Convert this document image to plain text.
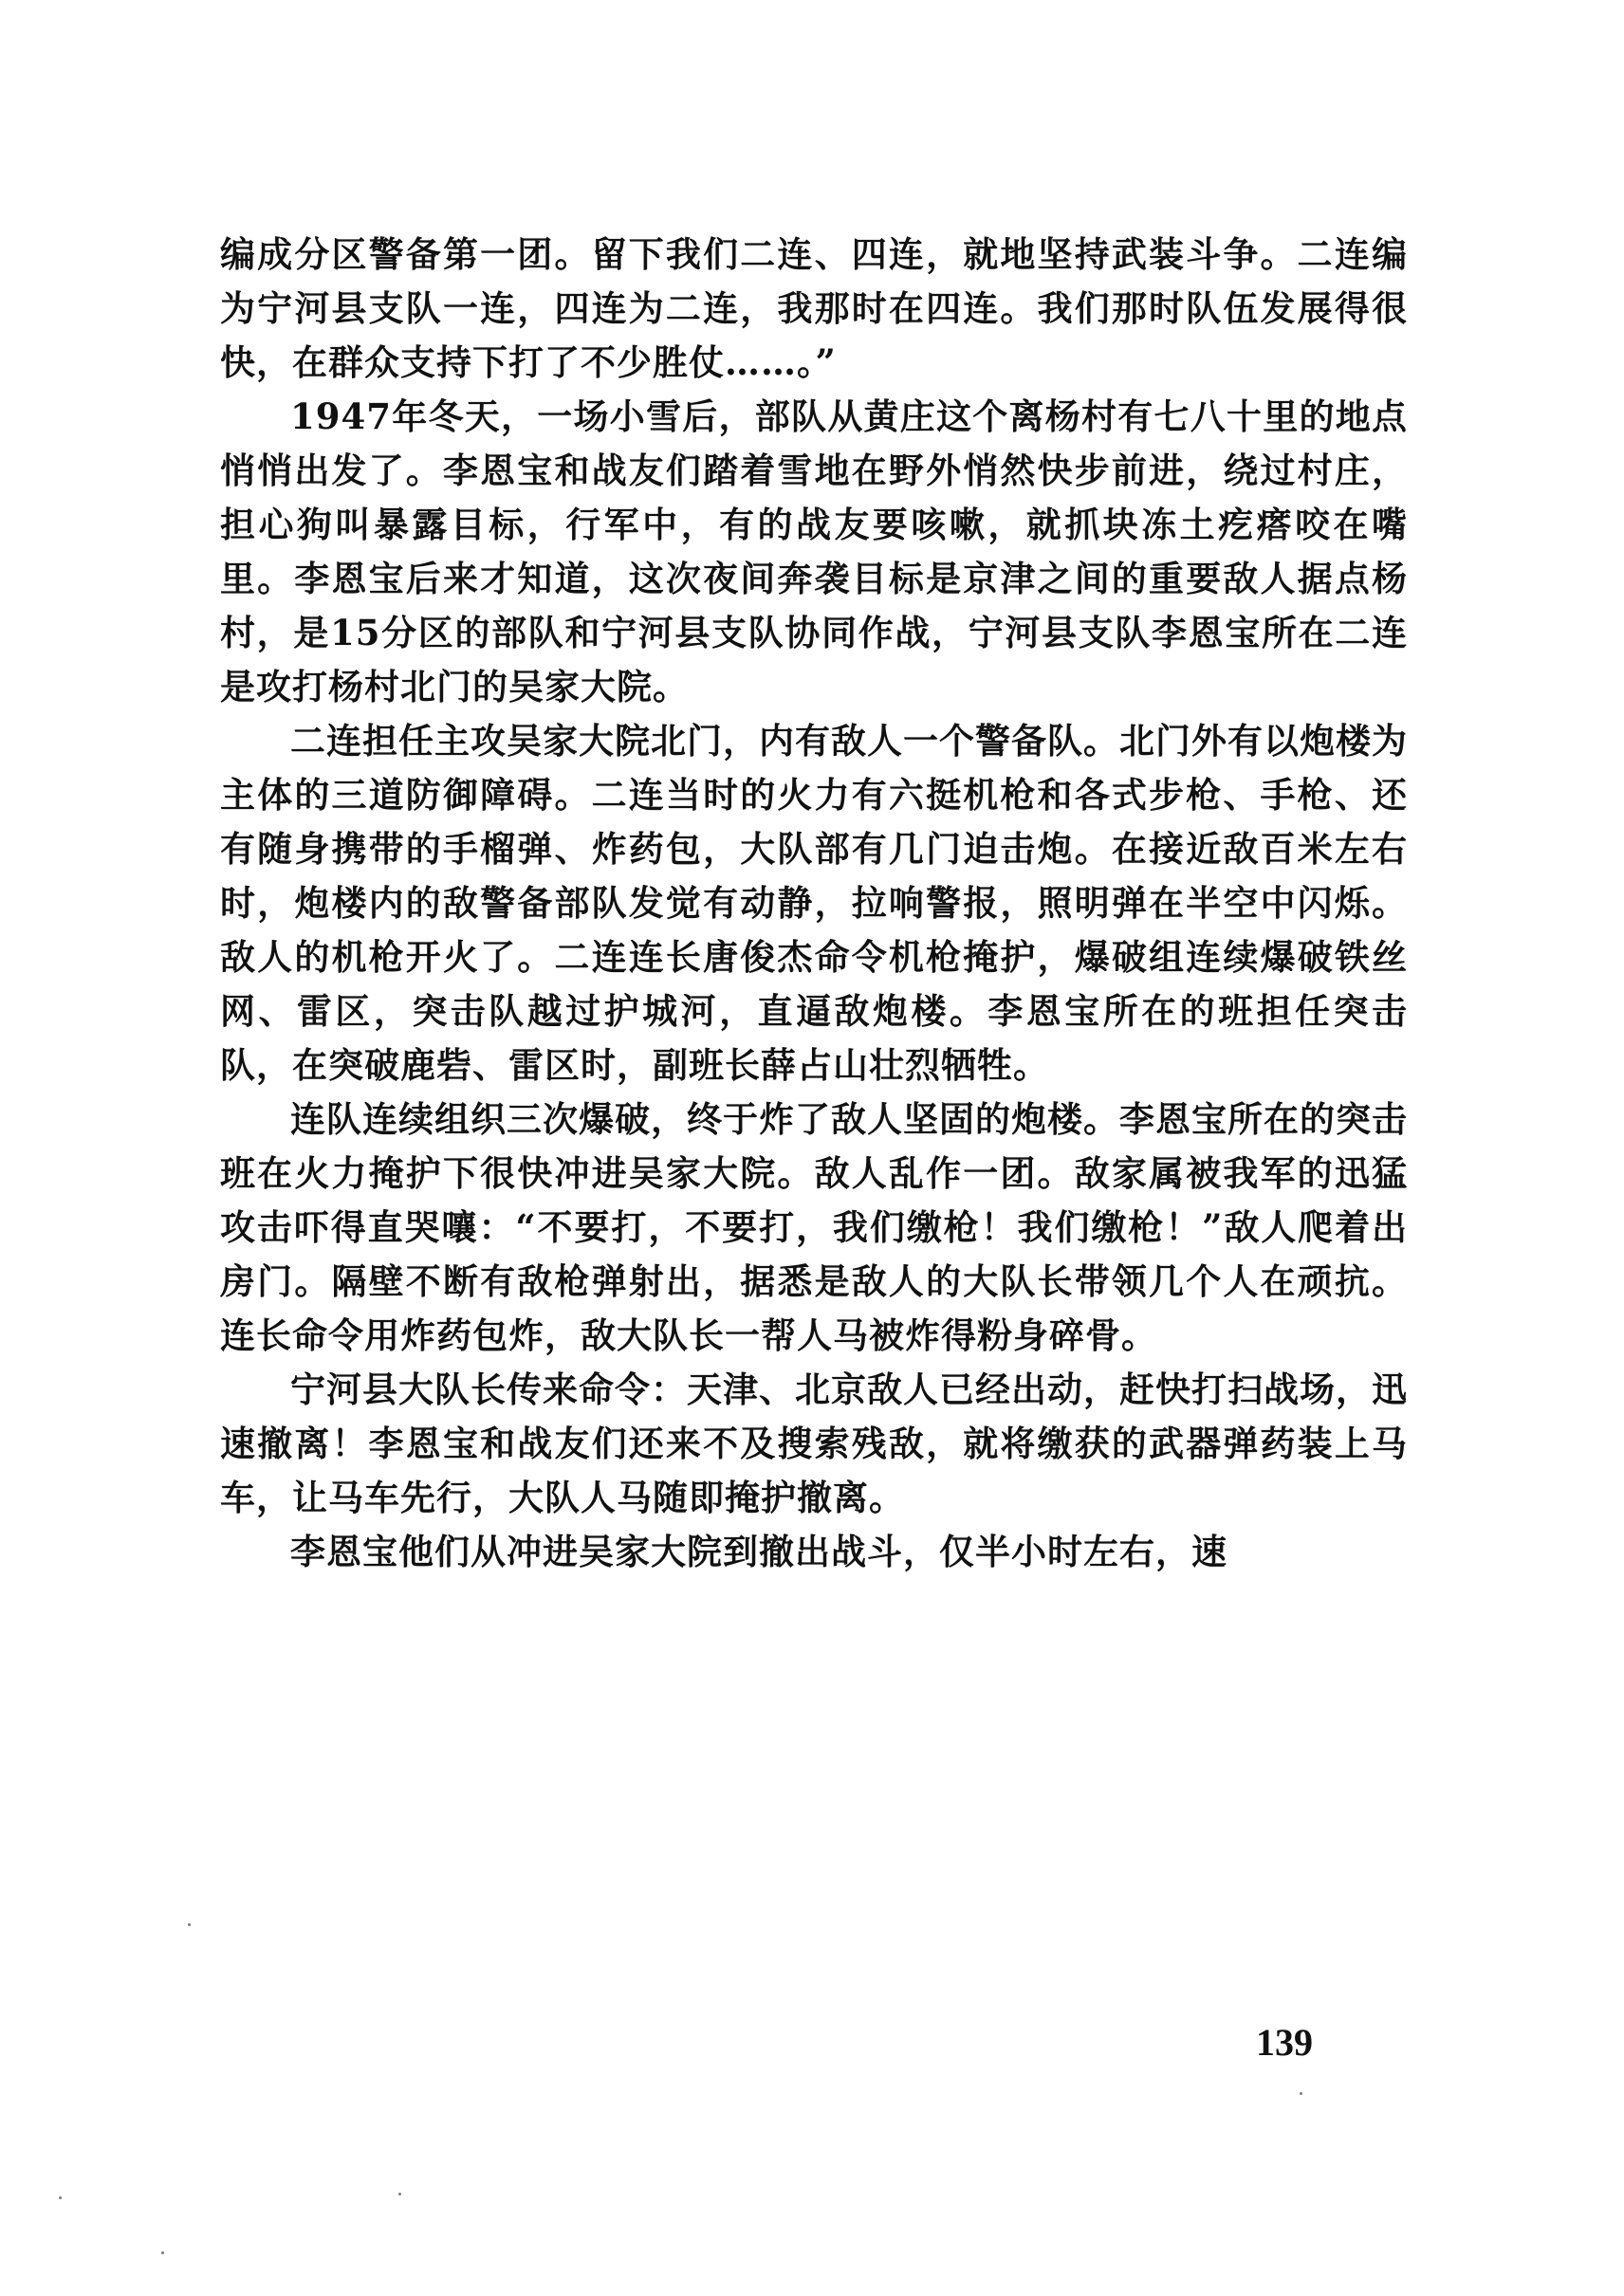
编成分区警备第一团。留下我们二连、四连，就地坚持武装斗争。二连编为宁河县支队一连，四连为二连，我那时在四连。我们那时队伍发展得很快，在群众支持下打了不少胜仗……。”

1947年冬天，一场小雪后，部队从黄庄这个离杨村有七八十里的地点悄悄出发了。李恩宝和战友们踏着雪地在野外悄然快步前进，绕过村庄，担心狗叫暴露目标，行军中，有的战友要咳嗽，就抓块冻土疙瘩咬在嘴里。李恩宝后来才知道，这次夜间奔袭目标是京津之间的重要敌人据点杨村，是15分区的部队和宁河县支队协同作战，宁河县支队李恩宝所在二连是攻打杨村北门的吴家大院。

二连担任主攻吴家大院北门，内有敌人一个警备队。北门外有以炮楼为主体的三道防御障碍。二连当时的火力有六挺机枪和各式步枪、手枪、还有随身携带的手榴弹、炸药包，大队部有几门迫击炮。在接近敌百米左右时，炮楼内的敌警备部队发觉有动静，拉响警报，照明弹在半空中闪烁。敌人的机枪开火了。二连连长唐俊杰命令机枪掩护，爆破组连续爆破铁丝网、雷区，突击队越过护城河，直逼敌炮楼。李恩宝所在的班担任突击队，在突破鹿砦、雷区时，副班长薛占山壮烈牺牲。

连队连续组织三次爆破，终于炸了敌人坚固的炮楼。李恩宝所在的突击班在火力掩护下很快冲进吴家大院。敌人乱作一团。敌家属被我军的迅猛攻击吓得直哭嚷：“不要打，不要打，我们缴枪！我们缴枪！”敌人爬着出房门。隔壁不断有敌枪弹射出，据悉是敌人的大队长带领几个人在顽抗。连长命令用炸药包炸，敌大队长一帮人马被炸得粉身碎骨。

宁河县大队长传来命令：天津、北京敌人已经出动，赶快打扫战场，迅速撤离！李恩宝和战友们还来不及搜索残敌，就将缴获的武器弹药装上马车，让马车先行，大队人马随即掩护撤离。

李恩宝他们从冲进吴家大院到撤出战斗，仅半小时左右，速

139
